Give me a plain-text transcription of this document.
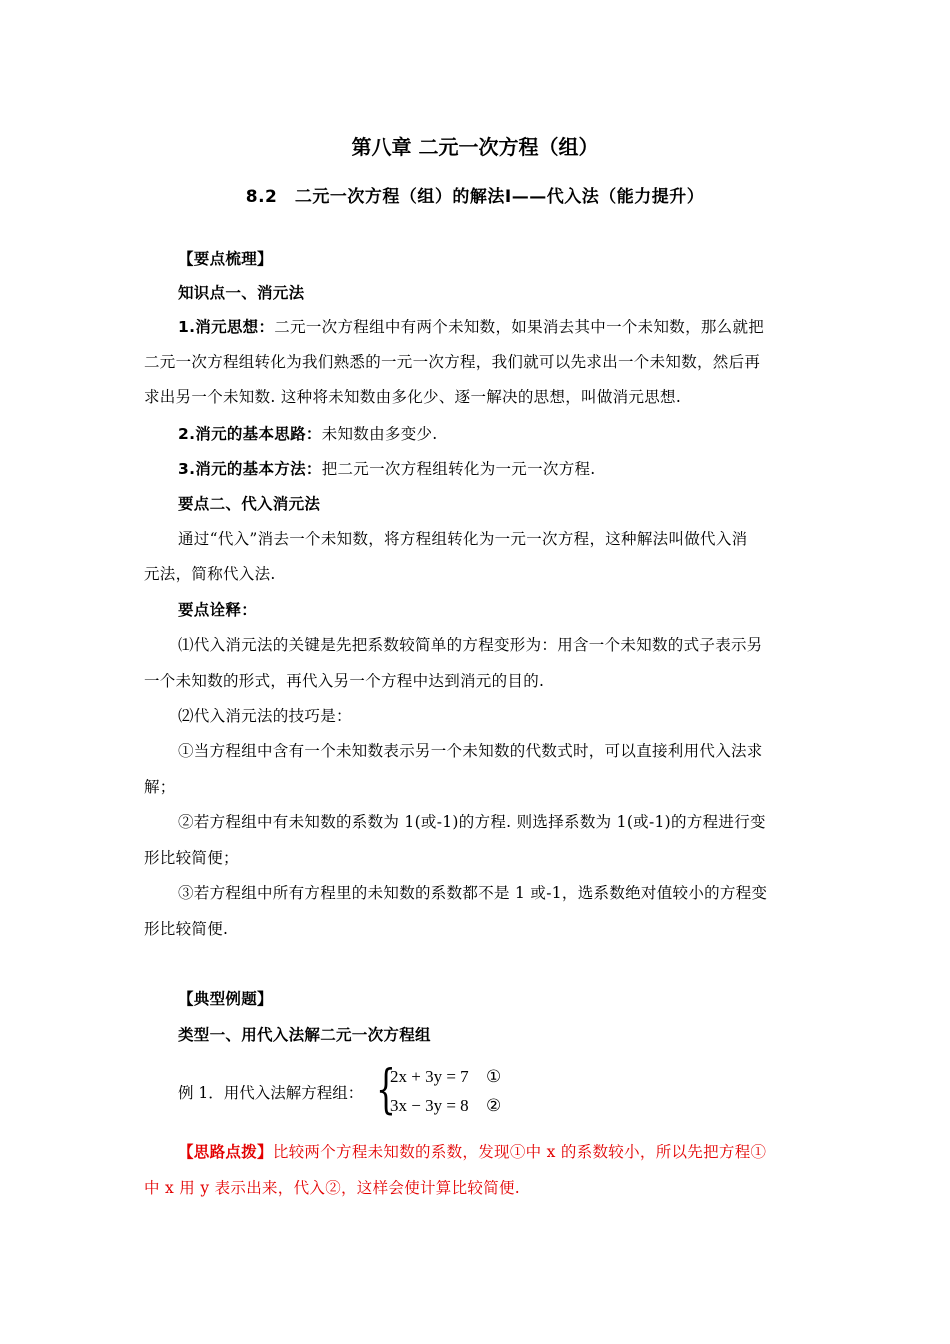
第八章 二元一次方程（组）
8.2　二元一次方程（组）的解法Ⅰ——代入法（能力提升）
【要点梳理】
知识点一、消元法
1.消元思想：二元一次方程组中有两个未知数，如果消去其中一个未知数，那么就把
二元一次方程组转化为我们熟悉的一元一次方程，我们就可以先求出一个未知数，然后再
求出另一个未知数. 这种将未知数由多化少、逐一解决的思想，叫做消元思想.
2.消元的基本思路：未知数由多变少.
3.消元的基本方法：把二元一次方程组转化为一元一次方程.
要点二、代入消元法
通过“代入”消去一个未知数，将方程组转化为一元一次方程，这种解法叫做代入消
元法，简称代入法.
要点诠释：
⑴代入消元法的关键是先把系数较简单的方程变形为：用含一个未知数的式子表示另
一个未知数的形式，再代入另一个方程中达到消元的目的.
⑵代入消元法的技巧是：
①当方程组中含有一个未知数表示另一个未知数的代数式时，可以直接利用代入法求
解；
②若方程组中有未知数的系数为 1(或-1)的方程. 则选择系数为 1(或-1)的方程进行变
形比较简便；
③若方程组中所有方程里的未知数的系数都不是 1 或-1，选系数绝对值较小的方程变
形比较简便.
【典型例题】
类型一、用代入法解二元一次方程组
例 1．用代入法解方程组： {
2x + 3y = 7 ①
3x − 3y = 8 ②
【思路点拨】比较两个方程未知数的系数，发现①中 x 的系数较小，所以先把方程①
中 x 用 y 表示出来，代入②，这样会使计算比较简便.
